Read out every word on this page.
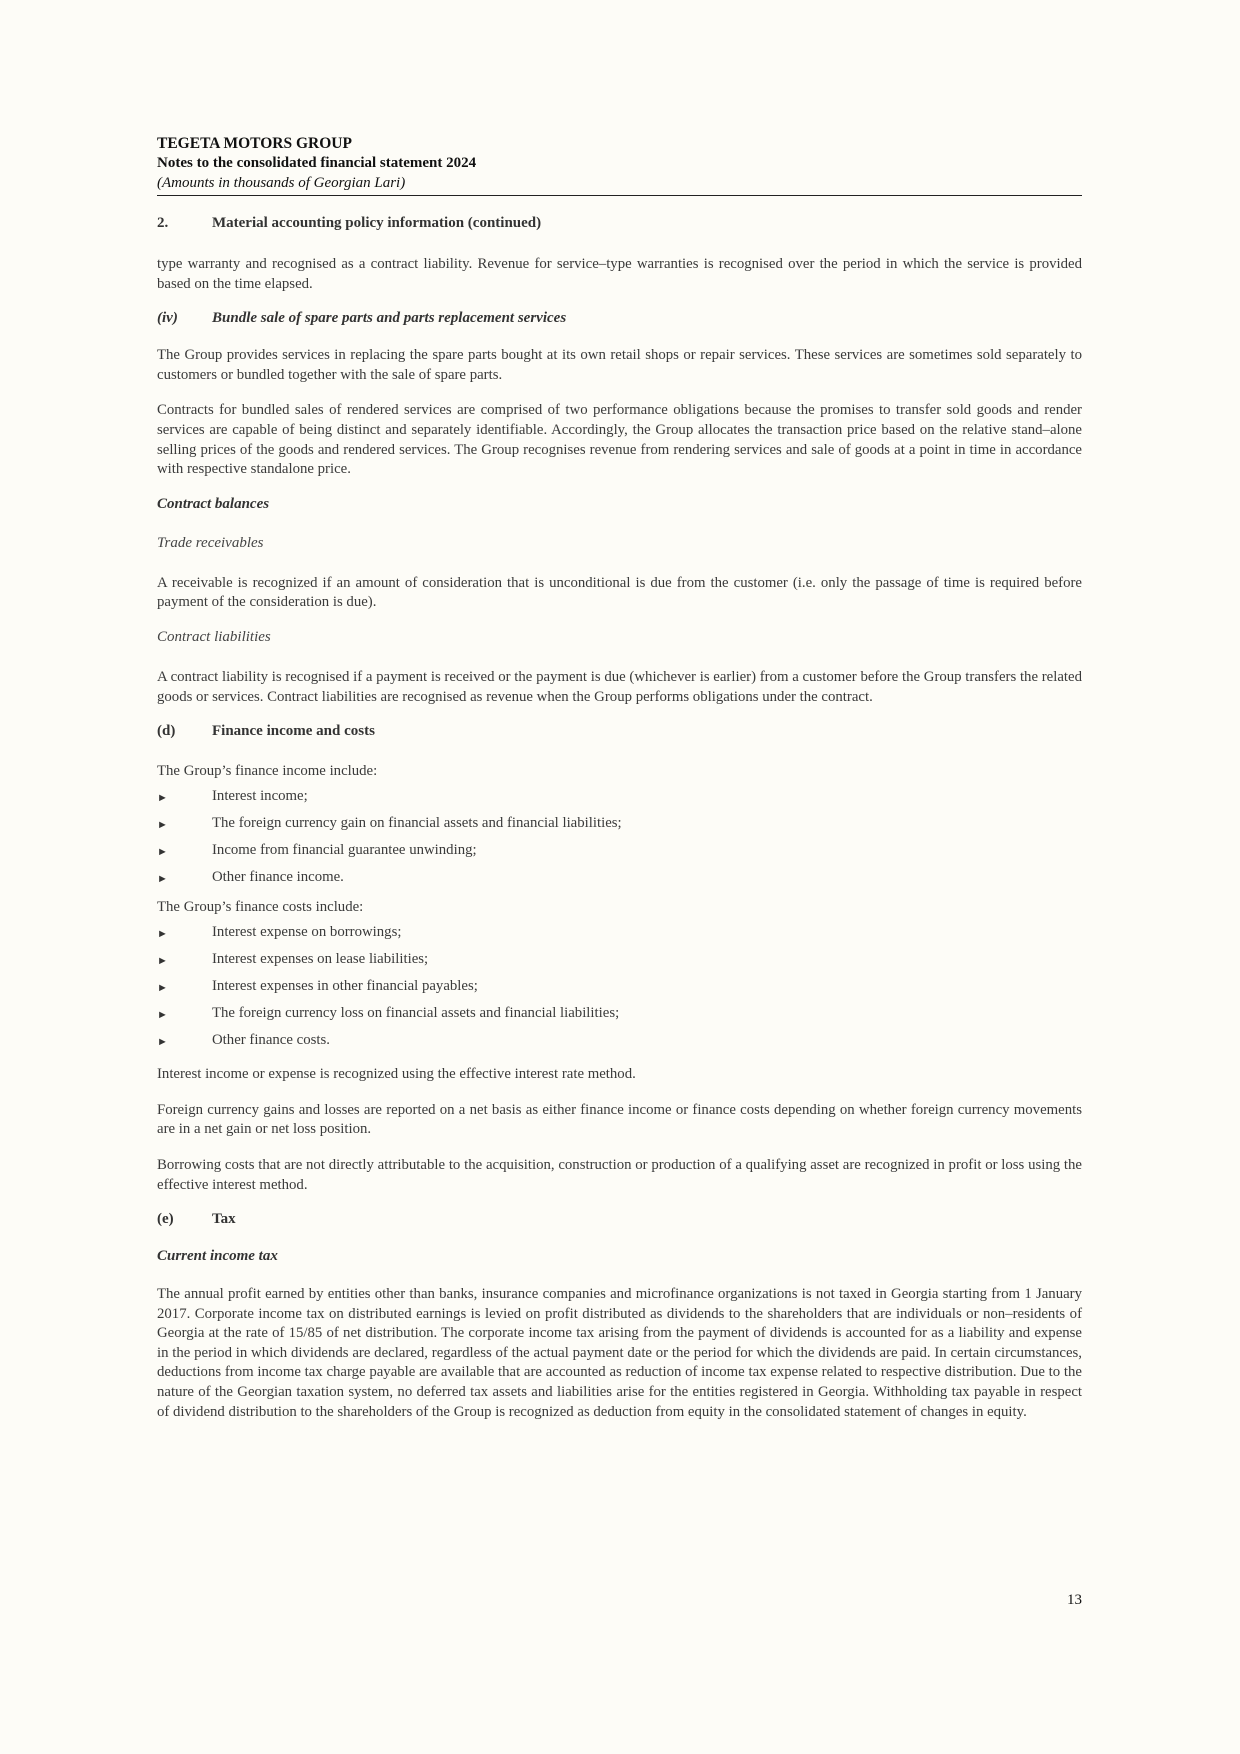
TEGETA MOTORS GROUP
Notes to the consolidated financial statement 2024
(Amounts in thousands of Georgian Lari)
2.	Material accounting policy information (continued)

type warranty and recognised as a contract liability. Revenue for service–type warranties is recognised over the period in which the service is provided based on the time elapsed.

(iv)	Bundle sale of spare parts and parts replacement services

The Group provides services in replacing the spare parts bought at its own retail shops or repair services. These services are sometimes sold separately to customers or bundled together with the sale of spare parts.

Contracts for bundled sales of rendered services are comprised of two performance obligations because the promises to transfer sold goods and render services are capable of being distinct and separately identifiable. Accordingly, the Group allocates the transaction price based on the relative stand–alone selling prices of the goods and rendered services. The Group recognises revenue from rendering services and sale of goods at a point in time in accordance with respective standalone price.

Contract balances
Trade receivables

A receivable is recognized if an amount of consideration that is unconditional is due from the customer (i.e. only the passage of time is required before payment of the consideration is due).

Contract liabilities

A contract liability is recognised if a payment is received or the payment is due (whichever is earlier) from a customer before the Group transfers the related goods or services. Contract liabilities are recognised as revenue when the Group performs obligations under the contract.

(d)	Finance income and costs

The Group’s finance income include:

►	Interest income;
►	The foreign currency gain on financial assets and financial liabilities;
►	Income from financial guarantee unwinding;
►	Other finance income.

The Group’s finance costs include:

►	Interest expense on borrowings;
►	Interest expenses on lease liabilities;
►	Interest expenses in other financial payables;
►	The foreign currency loss on financial assets and financial liabilities;
►	Other finance costs.

Interest income or expense is recognized using the effective interest rate method.

Foreign currency gains and losses are reported on a net basis as either finance income or finance costs depending on whether foreign currency movements are in a net gain or net loss position.

Borrowing costs that are not directly attributable to the acquisition, construction or production of a qualifying asset are recognized in profit or loss using the effective interest method.

(e)	Tax
Current income tax

The annual profit earned by entities other than banks, insurance companies and microfinance organizations is not taxed in Georgia starting from 1 January 2017. Corporate income tax on distributed earnings is levied on profit distributed as dividends to the shareholders that are individuals or non–residents of Georgia at the rate of 15/85 of net distribution. The corporate income tax arising from the payment of dividends is accounted for as a liability and expense in the period in which dividends are declared, regardless of the actual payment date or the period for which the dividends are paid. In certain circumstances, deductions from income tax charge payable are available that are accounted as reduction of income tax expense related to respective distribution. Due to the nature of the Georgian taxation system, no deferred tax assets and liabilities arise for the entities registered in Georgia. Withholding tax payable in respect of dividend distribution to the shareholders of the Group is recognized as deduction from equity in the consolidated statement of changes in equity.

13
